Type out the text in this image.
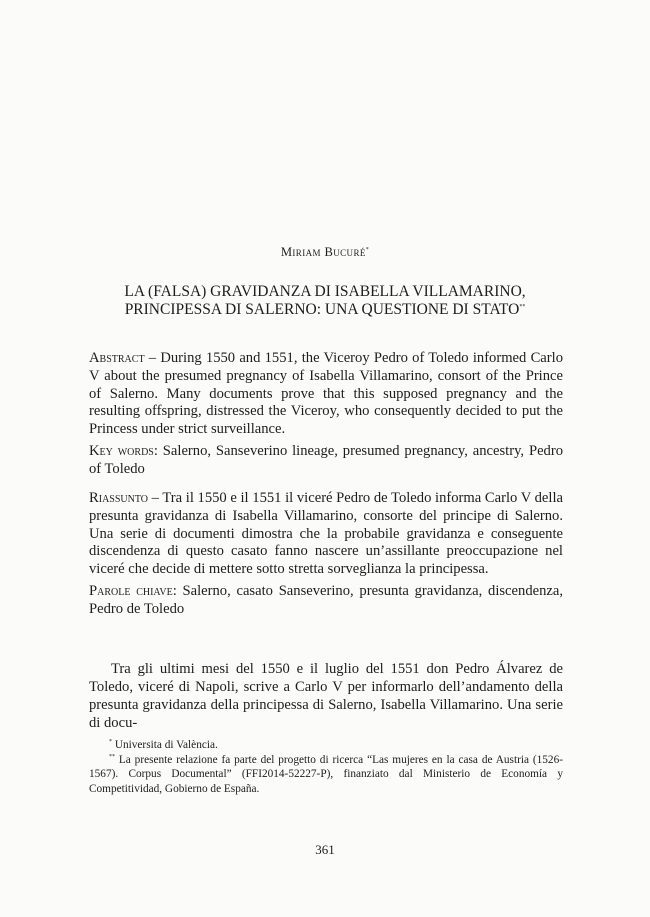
Miriam Bucuré*
LA (FALSA) GRAVIDANZA DI ISABELLA VILLAMARINO,
PRINCIPESSA DI SALERNO: UNA QUESTIONE DI STATO**
Abstract – During 1550 and 1551, the Viceroy Pedro of Toledo informed Carlo V about the presumed pregnancy of Isabella Villamarino, consort of the Prince of Salerno. Many documents prove that this supposed pregnancy and the resulting offspring, distressed the Viceroy, who consequently decided to put the Princess under strict surveillance.
Key words: Salerno, Sanseverino lineage, presumed pregnancy, ancestry, Pedro of Toledo
Riassunto – Tra il 1550 e il 1551 il viceré Pedro de Toledo informa Carlo V della presunta gravidanza di Isabella Villamarino, consorte del principe di Salerno. Una serie di documenti dimostra che la probabile gravidanza e conseguente discendenza di questo casato fanno nascere un’assillante preoccupazione nel viceré che decide di mettere sotto stretta sorveglianza la principessa.
Parole chiave: Salerno, casato Sanseverino, presunta gravidanza, discendenza, Pedro de Toledo
Tra gli ultimi mesi del 1550 e il luglio del 1551 don Pedro Álvarez de Toledo, viceré di Napoli, scrive a Carlo V per informarlo dell’andamento della presunta gravidanza della principessa di Salerno, Isabella Villamarino. Una serie di docu-
* Universita di València.
** La presente relazione fa parte del progetto di ricerca “Las mujeres en la casa de Austria (1526-1567). Corpus Documental” (FFI2014-52227-P), finanziato dal Ministerio de Economía y Competitividad, Gobierno de España.
361
